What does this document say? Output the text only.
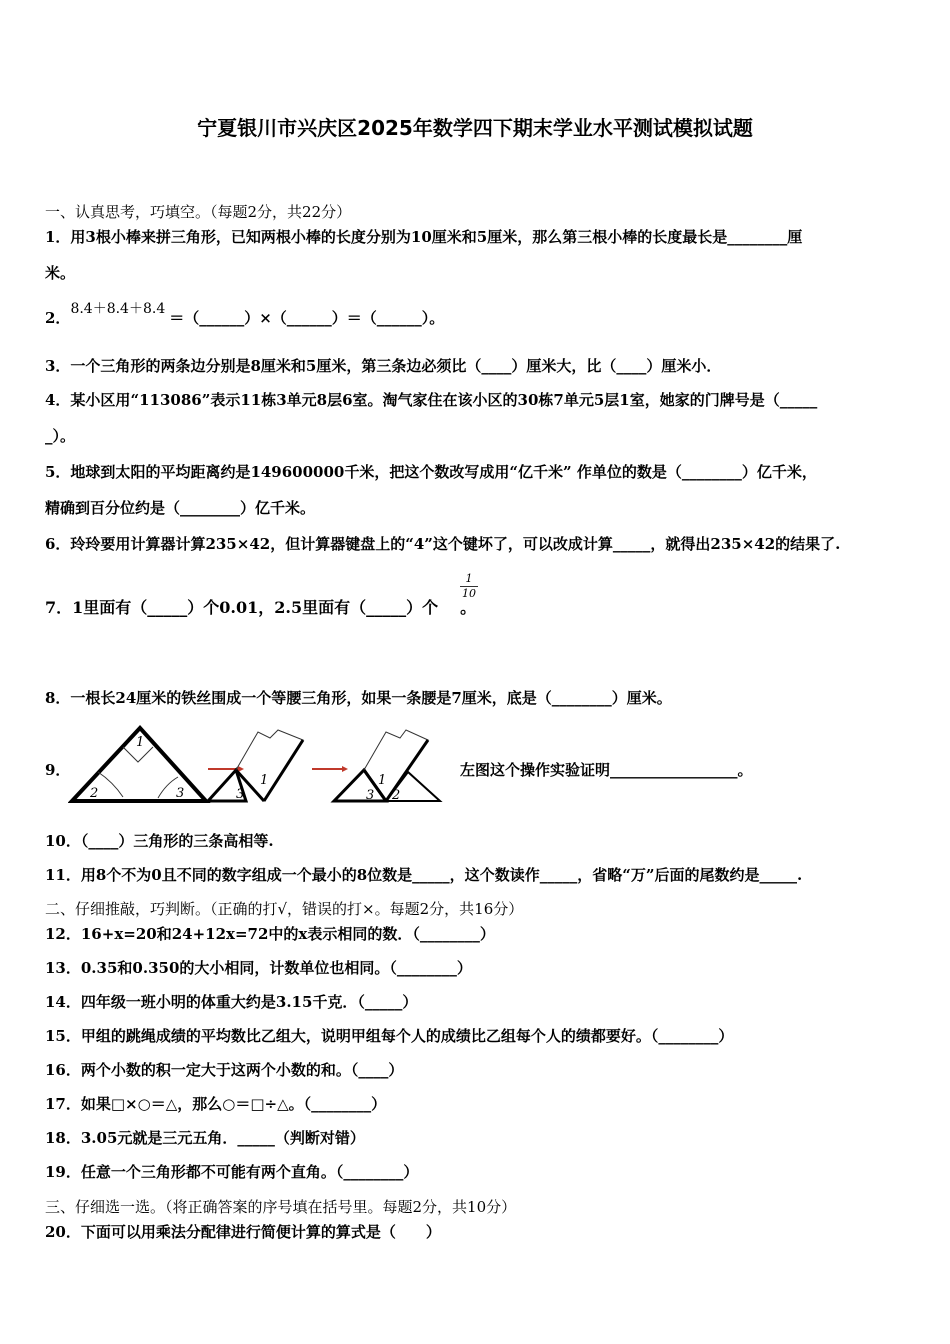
宁夏银川市兴庆区2025年数学四下期末学业水平测试模拟试题
一、认真思考，巧填空。（每题2分，共22分）
1．用3根小棒来拼三角形，已知两根小棒的长度分别为10厘米和5厘米，那么第三根小棒的长度最长是________厘
米。
2．8.4＋8.4＋8.4 ＝（______）×（______）＝（______）。
3．一个三角形的两条边分别是8厘米和5厘米，第三条边必须比（____）厘米大，比（____）厘米小．
4．某小区用“113086”表示11栋3单元8层6室。淘气家住在该小区的30栋7单元5层1室，她家的门牌号是（_____
_）。
5．地球到太阳的平均距离约是149600000千米，把这个数改写成用“亿千米” 作单位的数是（________）亿千米，
精确到百分位约是（________）亿千米。
6．玲玲要用计算器计算235×42，但计算器键盘上的“4”这个键坏了，可以改成计算_____，就得出235×42的结果了.
7．1里面有（_____）个0.01，2.5里面有（_____）个 。
1
10
8．一根长24厘米的铁丝围成一个等腰三角形，如果一条腰是7厘米，底是（________）厘米。
9．
1
2	3
1
3
1
3 2
左图这个操作实验证明_________________。
10．（____）三角形的三条高相等.
11．用8个不为0且不同的数字组成一个最小的8位数是_____，这个数读作_____，省略“万”后面的尾数约是_____.
二、仔细推敲，巧判断。（正确的打√，错误的打×。每题2分，共16分）
12．16+x=20和24+12x=72中的x表示相同的数．（________）
13．0.35和0.350的大小相同，计数单位也相同。（________）
14．四年级一班小明的体重大约是3.15千克．（_____）
15．甲组的跳绳成绩的平均数比乙组大，说明甲组每个人的成绩比乙组每个人的绩都要好。（________）
16．两个小数的积一定大于这两个小数的和。（____）
17．如果□×○＝△，那么○＝□÷△。（________）
18．3.05元就是三元五角．_____（判断对错）
19．任意一个三角形都不可能有两个直角。（________）
三、仔细选一选。（将正确答案的序号填在括号里。每题2分，共10分）
20．下面可以用乘法分配律进行简便计算的算式是（　　）
